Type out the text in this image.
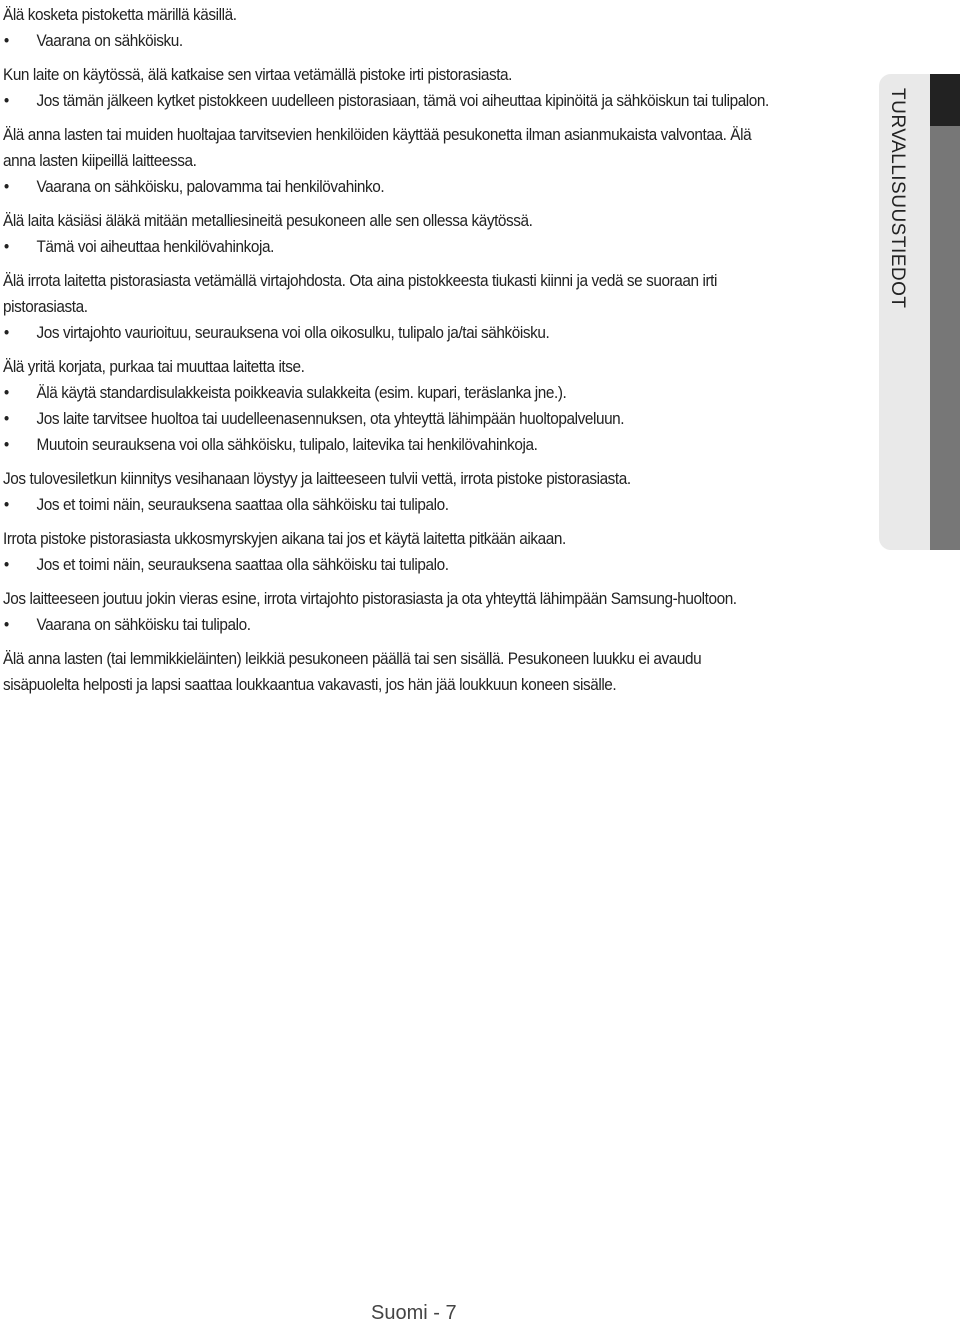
Älä kosketa pistoketta märillä käsillä.

• Vaarana on sähköisku.

Kun laite on käytössä, älä katkaise sen virtaa vetämällä pistoke irti pistorasiasta.

• Jos tämän jälkeen kytket pistokkeen uudelleen pistorasiaan, tämä voi aiheuttaa kipinöitä ja sähköiskun tai tulipalon.

Älä anna lasten tai muiden huoltajaa tarvitsevien henkilöiden käyttää pesukonetta ilman asianmukaista valvontaa. Älä anna lasten kiipeillä laitteessa.

• Vaarana on sähköisku, palovamma tai henkilövahinko.

Älä laita käsiäsi äläkä mitään metalliesineitä pesukoneen alle sen ollessa käytössä.

• Tämä voi aiheuttaa henkilövahinkoja.

Älä irrota laitetta pistorasiasta vetämällä virtajohdosta. Ota aina pistokkeesta tiukasti kiinni ja vedä se suoraan irti pistorasiasta.

• Jos virtajohto vaurioituu, seurauksena voi olla oikosulku, tulipalo ja/tai sähköisku.

Älä yritä korjata, purkaa tai muuttaa laitetta itse.

• Älä käytä standardisulakkeista poikkeavia sulakkeita (esim. kupari, teräslanka jne.).
• Jos laite tarvitsee huoltoa tai uudelleenasennuksen, ota yhteyttä lähimpään huoltopalveluun.
• Muutoin seurauksena voi olla sähköisku, tulipalo, laitevika tai henkilövahinkoja.

Jos tulovesiletkun kiinnitys vesihanaan löystyy ja laitteeseen tulvii vettä, irrota pistoke pistorasiasta.

• Jos et toimi näin, seurauksena saattaa olla sähköisku tai tulipalo.

Irrota pistoke pistorasiasta ukkosmyrskyjen aikana tai jos et käytä laitetta pitkään aikaan.

• Jos et toimi näin, seurauksena saattaa olla sähköisku tai tulipalo.

Jos laitteeseen joutuu jokin vieras esine, irrota virtajohto pistorasiasta ja ota yhteyttä lähimpään Samsung-huoltoon.

• Vaarana on sähköisku tai tulipalo.

Älä anna lasten (tai lemmikkieläinten) leikkiä pesukoneen päällä tai sen sisällä. Pesukoneen luukku ei avaudu sisäpuolelta helposti ja lapsi saattaa loukkaantua vakavasti, jos hän jää loukkuun koneen sisälle.

TURVALLISUUSTIEDOT
Suomi - 7
